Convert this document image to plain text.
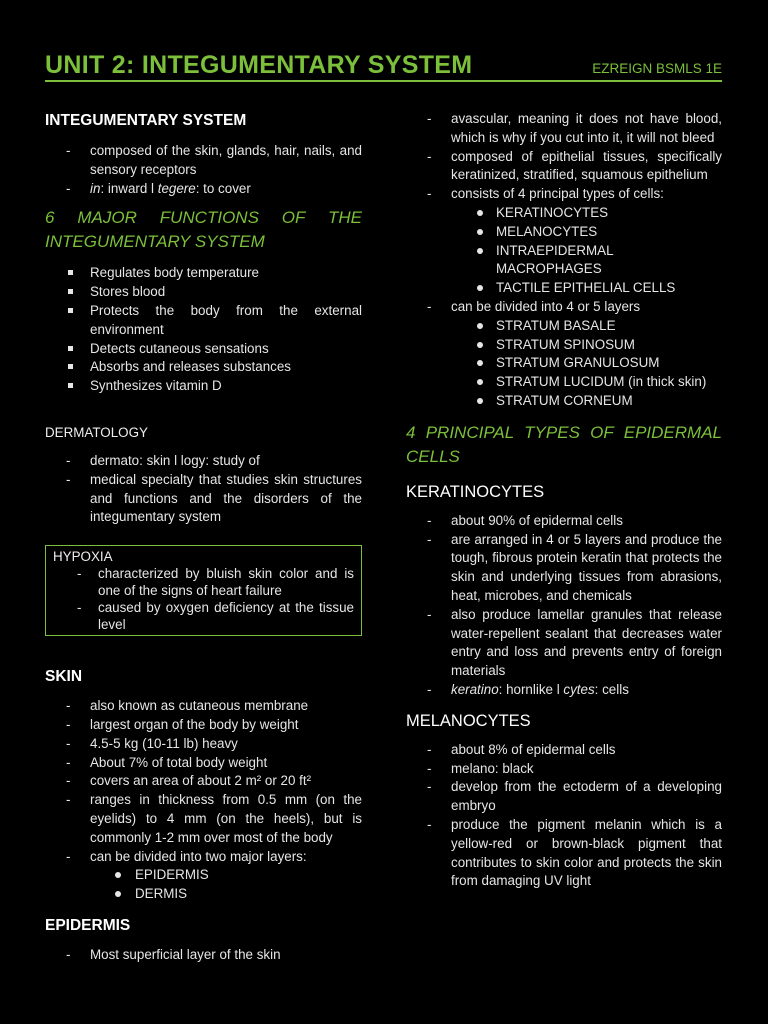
UNIT 2: INTEGUMENTARY SYSTEM	EZREIGN BSMLS 1E
INTEGUMENTARY SYSTEM
- composed of the skin, glands, hair, nails, and sensory receptors
- in: inward l tegere: to cover
6 MAJOR FUNCTIONS OF THE INTEGUMENTARY SYSTEM
Regulates body temperature
Stores blood
Protects the body from the external environment
Detects cutaneous sensations
Absorbs and releases substances
Synthesizes vitamin D
DERMATOLOGY
- dermato: skin l logy: study of
- medical specialty that studies skin structures and functions and the disorders of the integumentary system
HYPOXIA
- characterized by bluish skin color and is one of the signs of heart failure
- caused by oxygen deficiency at the tissue level
SKIN
- also known as cutaneous membrane
- largest organ of the body by weight
- 4.5-5 kg (10-11 lb) heavy
- About 7% of total body weight
- covers an area of about 2 m² or 20 ft²
- ranges in thickness from 0.5 mm (on the eyelids) to 4 mm (on the heels), but is commonly 1-2 mm over most of the body
- can be divided into two major layers:
EPIDERMIS
DERMIS
EPIDERMIS
- Most superficial layer of the skin
- avascular, meaning it does not have blood, which is why if you cut into it, it will not bleed
- composed of epithelial tissues, specifically keratinized, stratified, squamous epithelium
- consists of 4 principal types of cells:
KERATINOCYTES
MELANOCYTES
INTRAEPIDERMAL MACROPHAGES
TACTILE EPITHELIAL CELLS
- can be divided into 4 or 5 layers
STRATUM BASALE
STRATUM SPINOSUM
STRATUM GRANULOSUM
STRATUM LUCIDUM (in thick skin)
STRATUM CORNEUM
4 PRINCIPAL TYPES OF EPIDERMAL CELLS
KERATINOCYTES
- about 90% of epidermal cells
- are arranged in 4 or 5 layers and produce the tough, fibrous protein keratin that protects the skin and underlying tissues from abrasions, heat, microbes, and chemicals
- also produce lamellar granules that release water-repellent sealant that decreases water entry and loss and prevents entry of foreign materials
- keratino: hornlike l cytes: cells
MELANOCYTES
- about 8% of epidermal cells
- melano: black
- develop from the ectoderm of a developing embryo
- produce the pigment melanin which is a yellow-red or brown-black pigment that contributes to skin color and protects the skin from damaging UV light
